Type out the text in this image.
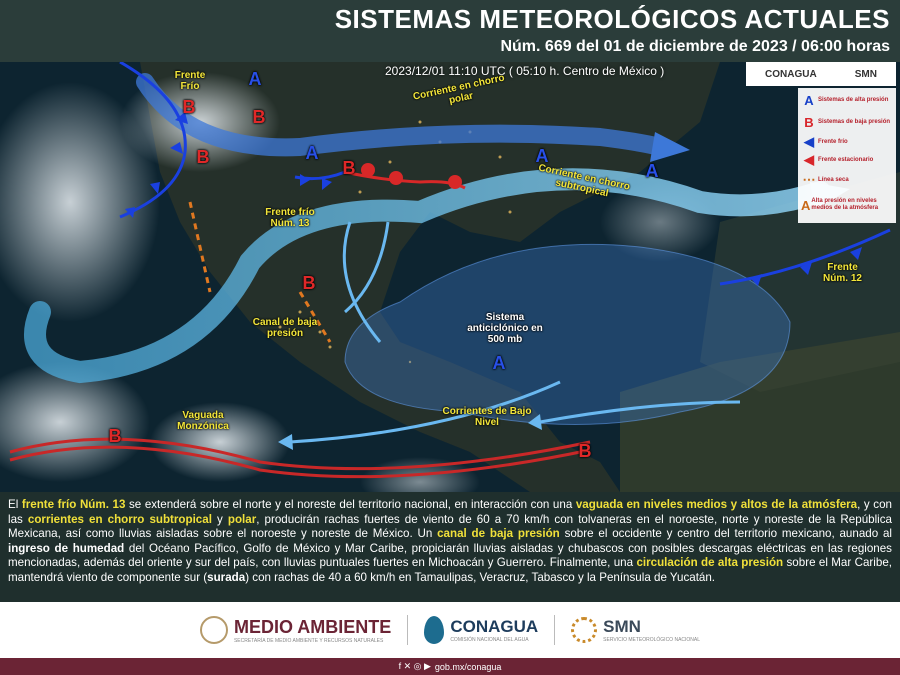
SISTEMAS METEOROLÓGICOS ACTUALES
Núm. 669 del 01 de diciembre de 2023 / 06:00 horas
2023/12/01 11:10 UTC ( 05:10 h. Centro de México )
Frente Frío	Corriente en chorro polar
Corriente en chorro subtropical
Frente frío Núm. 13
Canal de baja presión
Sistema anticiclónico en 500 mb
Frente Núm. 12
Vaguada Monzónica
Corrientes de Bajo Nivel
A
A	A
A
A
B	B
B
B
B
B
B
CONAGUA	SMN
A Sistemas de alta presión
B Sistemas de baja presión
◀ Frente frío
◀ Frente estacionario
⋯ Línea seca
A Alta presión en niveles medios de la atmósfera
El frente frío Núm. 13 se extenderá sobre el norte y el noreste del territorio nacional, en interacción con una vaguada en niveles medios y altos de la atmósfera, y con las corrientes en chorro subtropical y polar, producirán rachas fuertes de viento de 60 a 70 km/h con tolvaneras en el noroeste, norte y noreste de la República Mexicana, así como lluvias aisladas sobre el noroeste y noreste de México. Un canal de baja presión sobre el occidente y centro del territorio mexicano, aunado al ingreso de humedad del Océano Pacífico, Golfo de México y Mar Caribe, propiciarán lluvias aisladas y chubascos con posibles descargas eléctricas en las regiones mencionadas, además del oriente y sur del país, con lluvias puntuales fuertes en Michoacán y Guerrero. Finalmente, una circulación de alta presión sobre el Mar Caribe, mantendrá viento de componente sur (surada) con rachas de 40 a 60 km/h en Tamaulipas, Veracruz, Tabasco y la Península de Yucatán.
MEDIO AMBIENTE
SECRETARÍA DE MEDIO AMBIENTE Y RECURSOS NATURALES
CONAGUA
COMISIÓN NACIONAL DEL AGUA
SMN
SERVICIO METEOROLÓGICO NACIONAL
f ✕ ◎ ▶ gob.mx/conagua
